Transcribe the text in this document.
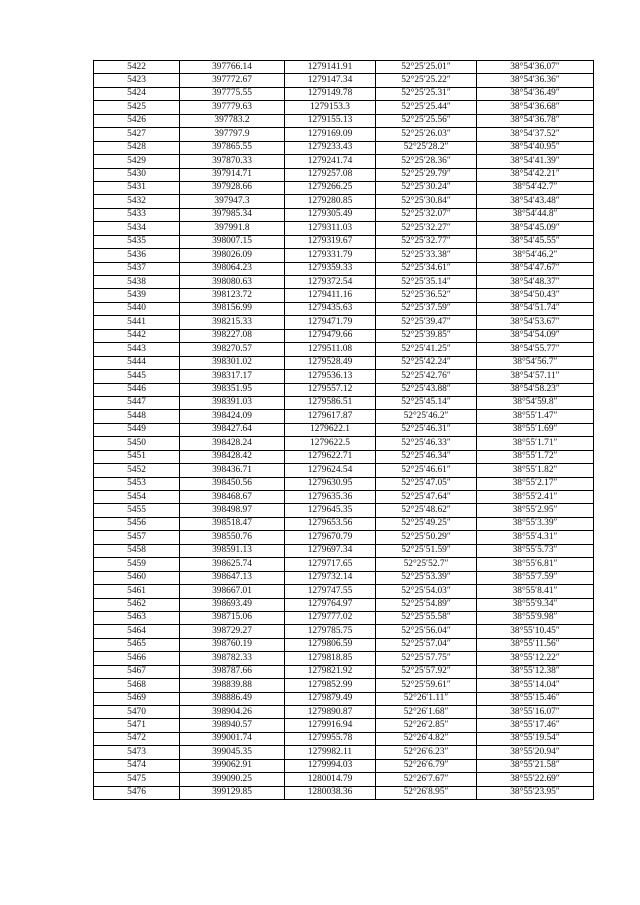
5422	397766.14	1279141.91	52°25′25.01″	38°54′36.07″
5423	397772.67	1279147.34	52°25′25.22″	38°54′36.36″
5424	397775.55	1279149.78	52°25′25.31″	38°54′36.49″
5425	397779.63	1279153.3	52°25′25.44″	38°54′36.68″
5426	397783.2	1279155.13	52°25′25.56″	38°54′36.78″
5427	397797.9	1279169.09	52°25′26.03″	38°54′37.52″
5428	397865.55	1279233.43	52°25′28.2″	38°54′40.95″
5429	397870.33	1279241.74	52°25′28.36″	38°54′41.39″
5430	397914.71	1279257.08	52°25′29.79″	38°54′42.21″
5431	397928.66	1279266.25	52°25′30.24″	38°54′42.7″
5432	397947.3	1279280.85	52°25′30.84″	38°54′43.48″
5433	397985.34	1279305.49	52°25′32.07″	38°54′44.8″
5434	397991.8	1279311.03	52°25′32.27″	38°54′45.09″
5435	398007.15	1279319.67	52°25′32.77″	38°54′45.55″
5436	398026.09	1279331.79	52°25′33.38″	38°54′46.2″
5437	398064.23	1279359.33	52°25′34.61″	38°54′47.67″
5438	398080.63	1279372.54	52°25′35.14″	38°54′48.37″
5439	398123.72	1279411.16	52°25′36.52″	38°54′50.43″
5440	398156.99	1279435.63	52°25′37.59″	38°54′51.74″
5441	398215.33	1279471.79	52°25′39.47″	38°54′53.67″
5442	398227.08	1279479.66	52°25′39.85″	38°54′54.09″
5443	398270.57	1279511.08	52°25′41.25″	38°54′55.77″
5444	398301.02	1279528.49	52°25′42.24″	38°54′56.7″
5445	398317.17	1279536.13	52°25′42.76″	38°54′57.11″
5446	398351.95	1279557.12	52°25′43.88″	38°54′58.23″
5447	398391.03	1279586.51	52°25′45.14″	38°54′59.8″
5448	398424.09	1279617.87	52°25′46.2″	38°55′1.47″
5449	398427.64	1279622.1	52°25′46.31″	38°55′1.69″
5450	398428.24	1279622.5	52°25′46.33″	38°55′1.71″
5451	398428.42	1279622.71	52°25′46.34″	38°55′1.72″
5452	398436.71	1279624.54	52°25′46.61″	38°55′1.82″
5453	398450.56	1279630.95	52°25′47.05″	38°55′2.17″
5454	398468.67	1279635.36	52°25′47.64″	38°55′2.41″
5455	398498.97	1279645.35	52°25′48.62″	38°55′2.95″
5456	398518.47	1279653.56	52°25′49.25″	38°55′3.39″
5457	398550.76	1279670.79	52°25′50.29″	38°55′4.31″
5458	398591.13	1279697.34	52°25′51.59″	38°55′5.73″
5459	398625.74	1279717.65	52°25′52.7″	38°55′6.81″
5460	398647.13	1279732.14	52°25′53.39″	38°55′7.59″
5461	398667.01	1279747.55	52°25′54.03″	38°55′8.41″
5462	398693.49	1279764.97	52°25′54.89″	38°55′9.34″
5463	398715.06	1279777.02	52°25′55.58″	38°55′9.98″
5464	398729.27	1279785.75	52°25′56.04″	38°55′10.45″
5465	398760.19	1279806.59	52°25′57.04″	38°55′11.56″
5466	398782.33	1279818.85	52°25′57.75″	38°55′12.22″
5467	398787.66	1279821.92	52°25′57.92″	38°55′12.38″
5468	398839.88	1279852.99	52°25′59.61″	38°55′14.04″
5469	398886.49	1279879.49	52°26′1.11″	38°55′15.46″
5470	398904.26	1279890.87	52°26′1.68″	38°55′16.07″
5471	398940.57	1279916.94	52°26′2.85″	38°55′17.46″
5472	399001.74	1279955.78	52°26′4.82″	38°55′19.54″
5473	399045.35	1279982.11	52°26′6.23″	38°55′20.94″
5474	399062.91	1279994.03	52°26′6.79″	38°55′21.58″
5475	399090.25	1280014.79	52°26′7.67″	38°55′22.69″
5476	399129.85	1280038.36	52°26′8.95″	38°55′23.95″
